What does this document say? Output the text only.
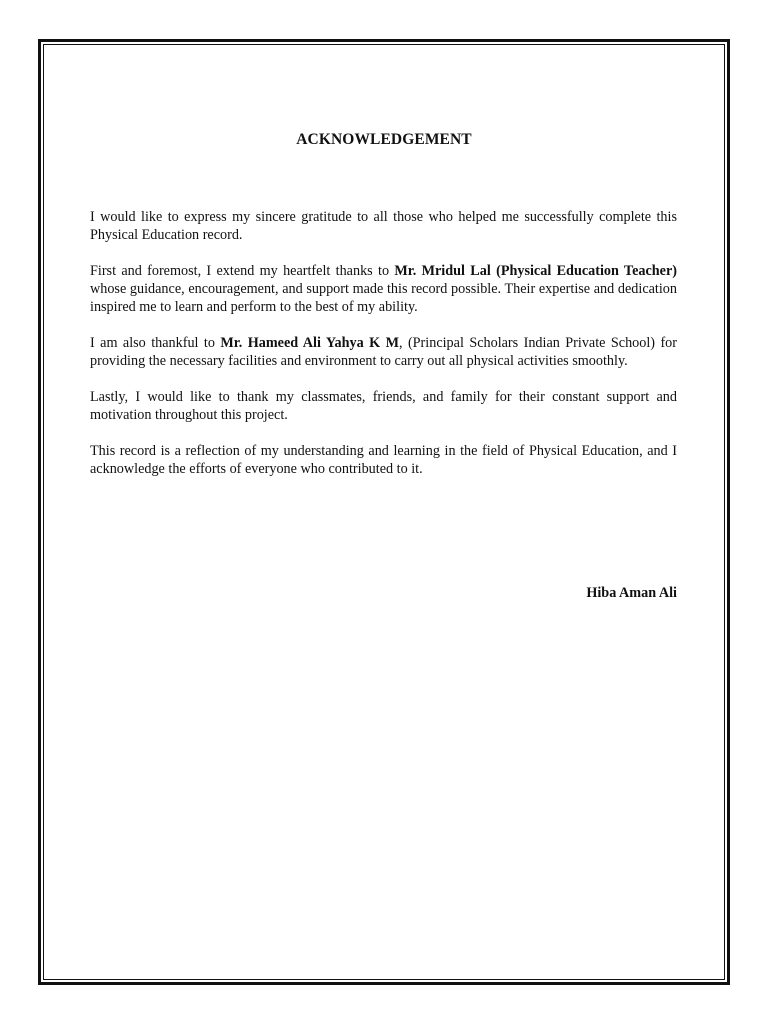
ACKNOWLEDGEMENT

I would like to express my sincere gratitude to all those who helped me successfully complete this Physical Education record.

First and foremost, I extend my heartfelt thanks to Mr. Mridul Lal (Physical Education Teacher) whose guidance, encouragement, and support made this record possible. Their expertise and dedication inspired me to learn and perform to the best of my ability.

I am also thankful to Mr. Hameed Ali Yahya K M, (Principal Scholars Indian Private School) for providing the necessary facilities and environment to carry out all physical activities smoothly.

Lastly, I would like to thank my classmates, friends, and family for their constant support and motivation throughout this project.

This record is a reflection of my understanding and learning in the field of Physical Education, and I acknowledge the efforts of everyone who contributed to it.

Hiba Aman Ali
